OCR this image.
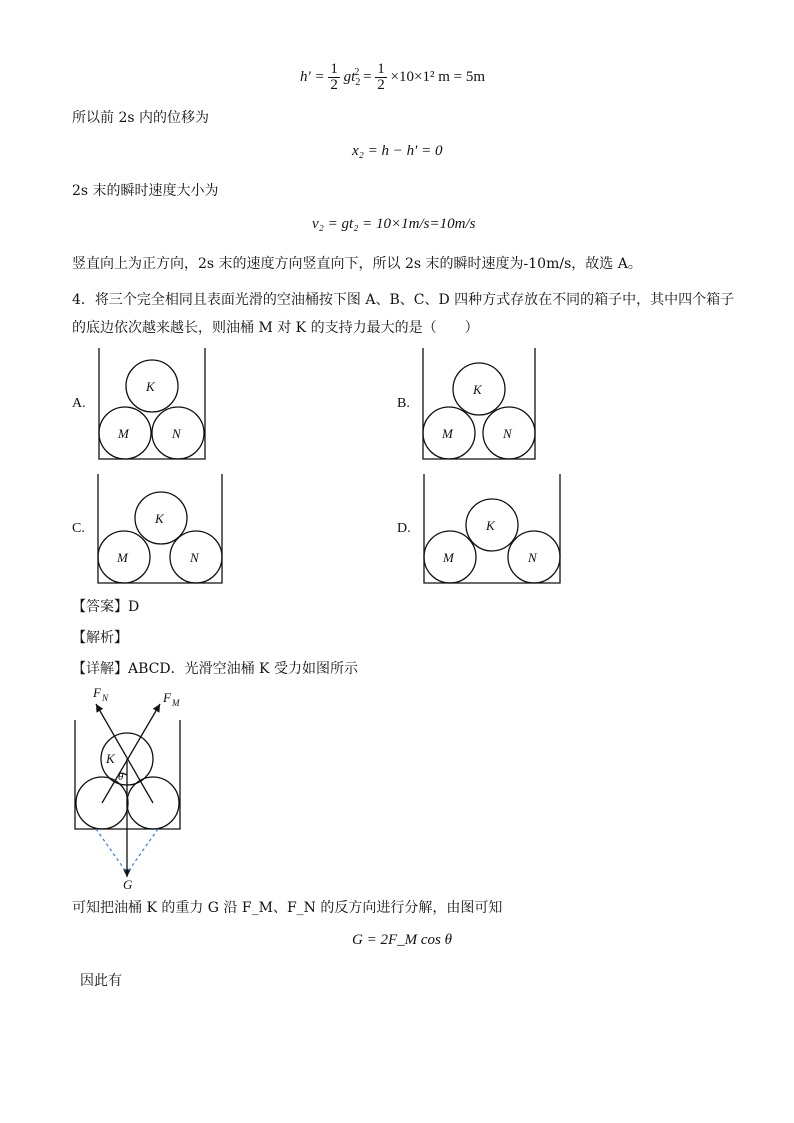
$h' = \frac{1}{2} gt_2^2 = \frac{1}{2} \times 10\times 1^2$ m = 5m
所以前 2s 内的位移为
x₂ = h − h′ = 0
2s 末的瞬时速度大小为
v₂ = gt₂ = 10×1m/s=10m/s
竖直向上为正方向，2s 末的速度方向竖直向下，所以 2s 末的瞬时速度为-10m/s，故选 A。
4．将三个完全相同且表面光滑的空油桶按下图 A、B、C、D 四种方式存放在不同的箱子中，其中四个箱子
的底边依次越来越长，则油桶 M 对 K 的支持力最大的是（　　）
A.	B.
C.	D.
K
M	N
K
M	N
K
M	N
K
M	N
【答案】D
【解析】
【详解】ABCD．光滑空油桶 K 受力如图所示
F N	F M
K
θ
G
可知把油桶 K 的重力 G 沿 F_M、F_N 的反方向进行分解，由图可知
G = 2F_M cos θ
因此有
